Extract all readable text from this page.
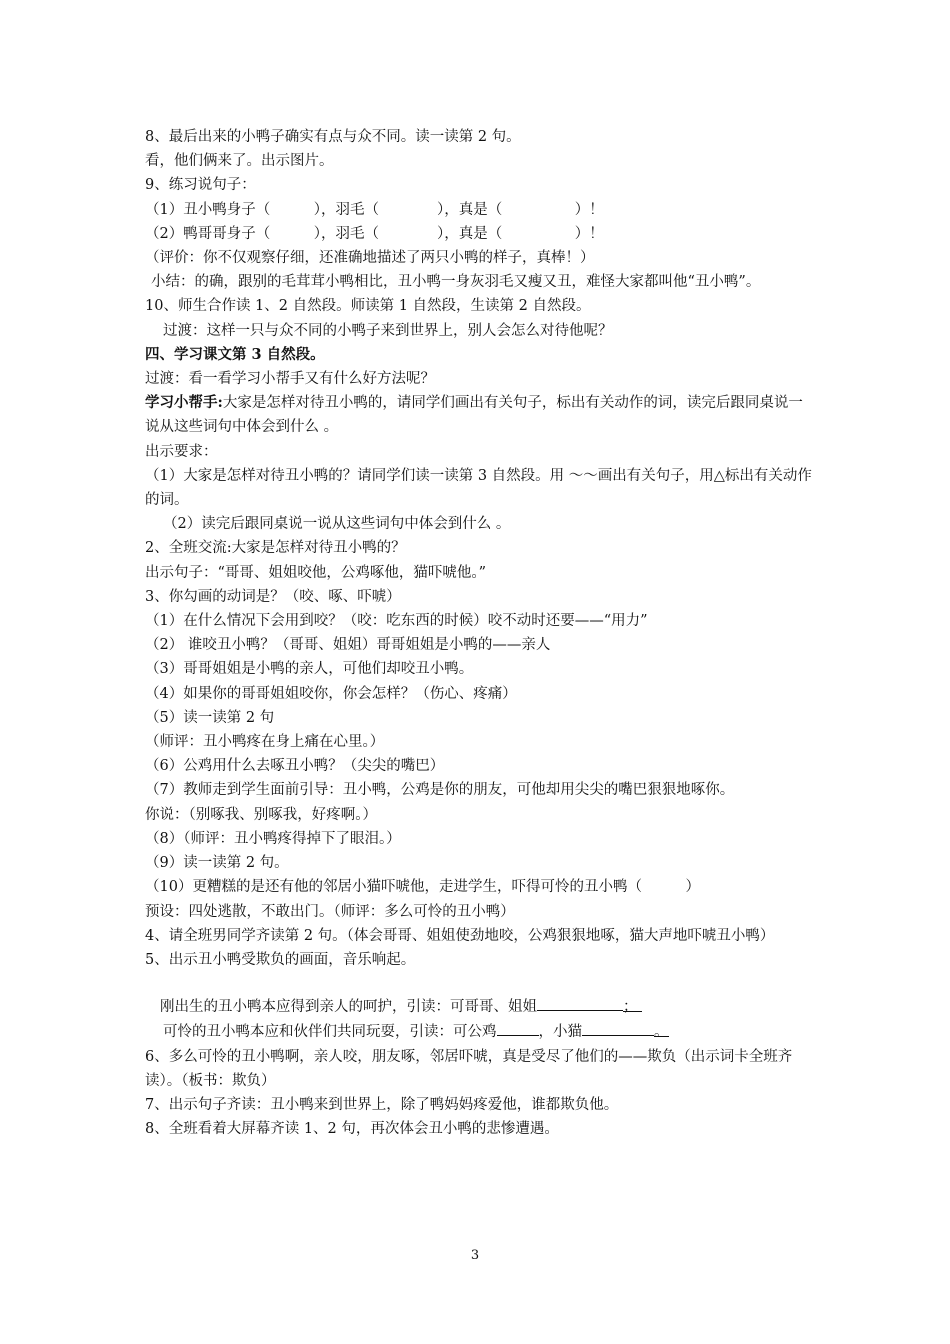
8、最后出来的小鸭子确实有点与众不同。读一读第 2 句。
看，他们俩来了。出示图片。
9、练习说句子：
（1）丑小鸭身子（　　　），羽毛（　　　　），真是（　　　　　）！
（2）鸭哥哥身子（　　　），羽毛（　　　　），真是（　　　　　）！
（评价：你不仅观察仔细，还准确地描述了两只小鸭的样子，真棒！）
小结：的确，跟别的毛茸茸小鸭相比，丑小鸭一身灰羽毛又瘦又丑，难怪大家都叫他“丑小鸭”。
10、师生合作读 1、2 自然段。师读第 1 自然段，生读第 2 自然段。
过渡：这样一只与众不同的小鸭子来到世界上，别人会怎么对待他呢？
四、学习课文第 3 自然段。
过渡：看一看学习小帮手又有什么好方法呢？
学习小帮手:大家是怎样对待丑小鸭的，请同学们画出有关句子，标出有关动作的词，读完后跟同桌说一说从这些词句中体会到什么 。
出示要求：
（1）大家是怎样对待丑小鸭的？请同学们读一读第 3 自然段。用 ～～画出有关句子，用△标出有关动作的词。
（2）读完后跟同桌说一说从这些词句中体会到什么 。
2、全班交流:大家是怎样对待丑小鸭的？
出示句子：“哥哥、姐姐咬他，公鸡啄他，猫吓唬他。”
3、你勾画的动词是？（咬、啄、吓唬）
（1）在什么情况下会用到咬？（咬：吃东西的时候）咬不动时还要——“用力”
（2） 谁咬丑小鸭？（哥哥、姐姐）哥哥姐姐是小鸭的——亲人
（3）哥哥姐姐是小鸭的亲人，可他们却咬丑小鸭。
（4）如果你的哥哥姐姐咬你，你会怎样？（伤心、疼痛）
（5）读一读第 2 句
（师评：丑小鸭疼在身上痛在心里。）
（6）公鸡用什么去啄丑小鸭？（尖尖的嘴巴）
（7）教师走到学生面前引导：丑小鸭，公鸡是你的朋友，可他却用尖尖的嘴巴狠狠地啄你。
你说：（别啄我、别啄我，好疼啊。）
（8）（师评：丑小鸭疼得掉下了眼泪。）
（9）读一读第 2 句。
（10）更糟糕的是还有他的邻居小猫吓唬他，走进学生，吓得可怜的丑小鸭（　　　）
预设：四处逃散，不敢出门。（师评：多么可怜的丑小鸭）
4、请全班男同学齐读第 2 句。（体会哥哥、姐姐使劲地咬，公鸡狠狠地啄，猫大声地吓唬丑小鸭）
5、出示丑小鸭受欺负的画面，音乐响起。
刚出生的丑小鸭本应得到亲人的呵护，引读：可哥哥、姐姐	；
可怜的丑小鸭本应和伙伴们共同玩耍，引读：可公鸡	，小猫	。
6、多么可怜的丑小鸭啊，亲人咬，朋友啄，邻居吓唬，真是受尽了他们的——欺负（出示词卡全班齐读）。（板书：欺负）
7、出示句子齐读：丑小鸭来到世界上，除了鸭妈妈疼爱他，谁都欺负他。
8、全班看着大屏幕齐读 1、2 句，再次体会丑小鸭的悲惨遭遇。
3
